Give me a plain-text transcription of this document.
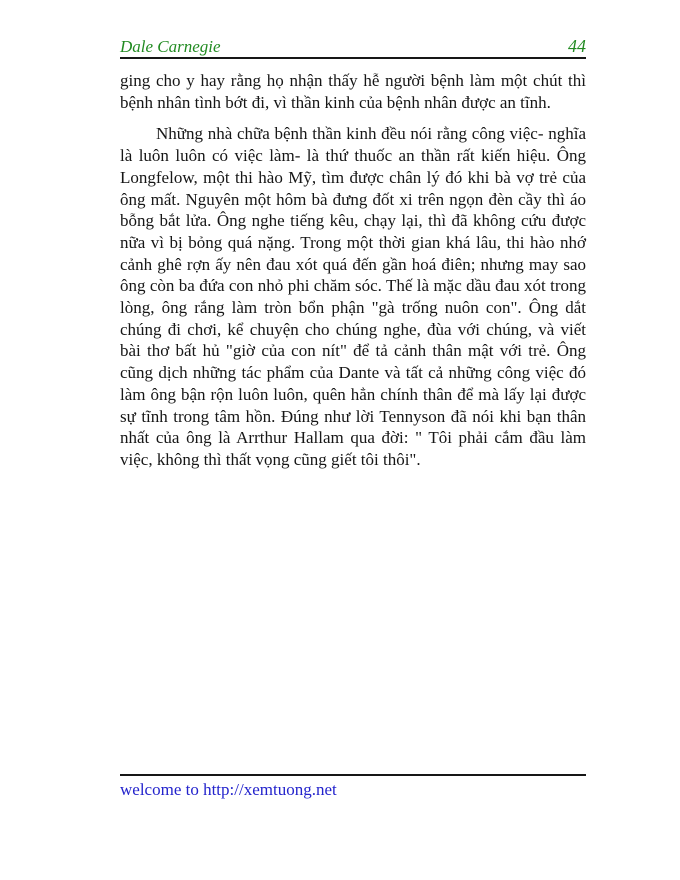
Dale Carnegie	44

ging cho y hay rằng họ nhận thấy hễ người bệnh làm một chút thì bệnh nhân tình bớt đi, vì thần kinh của bệnh nhân được an tĩnh.

Những nhà chữa bệnh thần kinh đều nói rằng công việc- nghĩa là luôn luôn có việc làm- là thứ thuốc an thần rất kiến hiệu. Ông Longfelow, một thi hào Mỹ, tìm được chân lý đó khi bà vợ trẻ của ông mất. Nguyên một hôm bà đưng đốt xi trên ngọn đèn cầy thì áo bỗng bắt lửa. Ông nghe tiếng kêu, chạy lại, thì đã không cứu được nữa vì bị bỏng quá nặng. Trong một thời gian khá lâu, thi hào nhớ cảnh ghê rợn ấy nên đau xót quá đến gần hoá điên; nhưng may sao ông còn ba đứa con nhỏ phi chăm sóc. Thế là mặc dầu đau xót trong lòng, ông rắng làm tròn bổn phận "gà trống nuôn con". Ông dắt chúng đi chơi, kể chuyện cho chúng nghe, đùa với chúng, và viết bài thơ bất hủ "giờ của con nít" để tả cảnh thân mật với trẻ. Ông cũng dịch những tác phẩm của Dante và tất cả những công việc đó làm ông bận rộn luôn luôn, quên hẳn chính thân để mà lấy lại được sự tĩnh trong tâm hồn. Đúng như lời Tennyson đã nói khi bạn thân nhất của ông là Arrthur Hallam qua đời: " Tôi phải cắm đầu làm việc, không thì thất vọng cũng giết tôi thôi".

welcome to http://xemtuong.net
